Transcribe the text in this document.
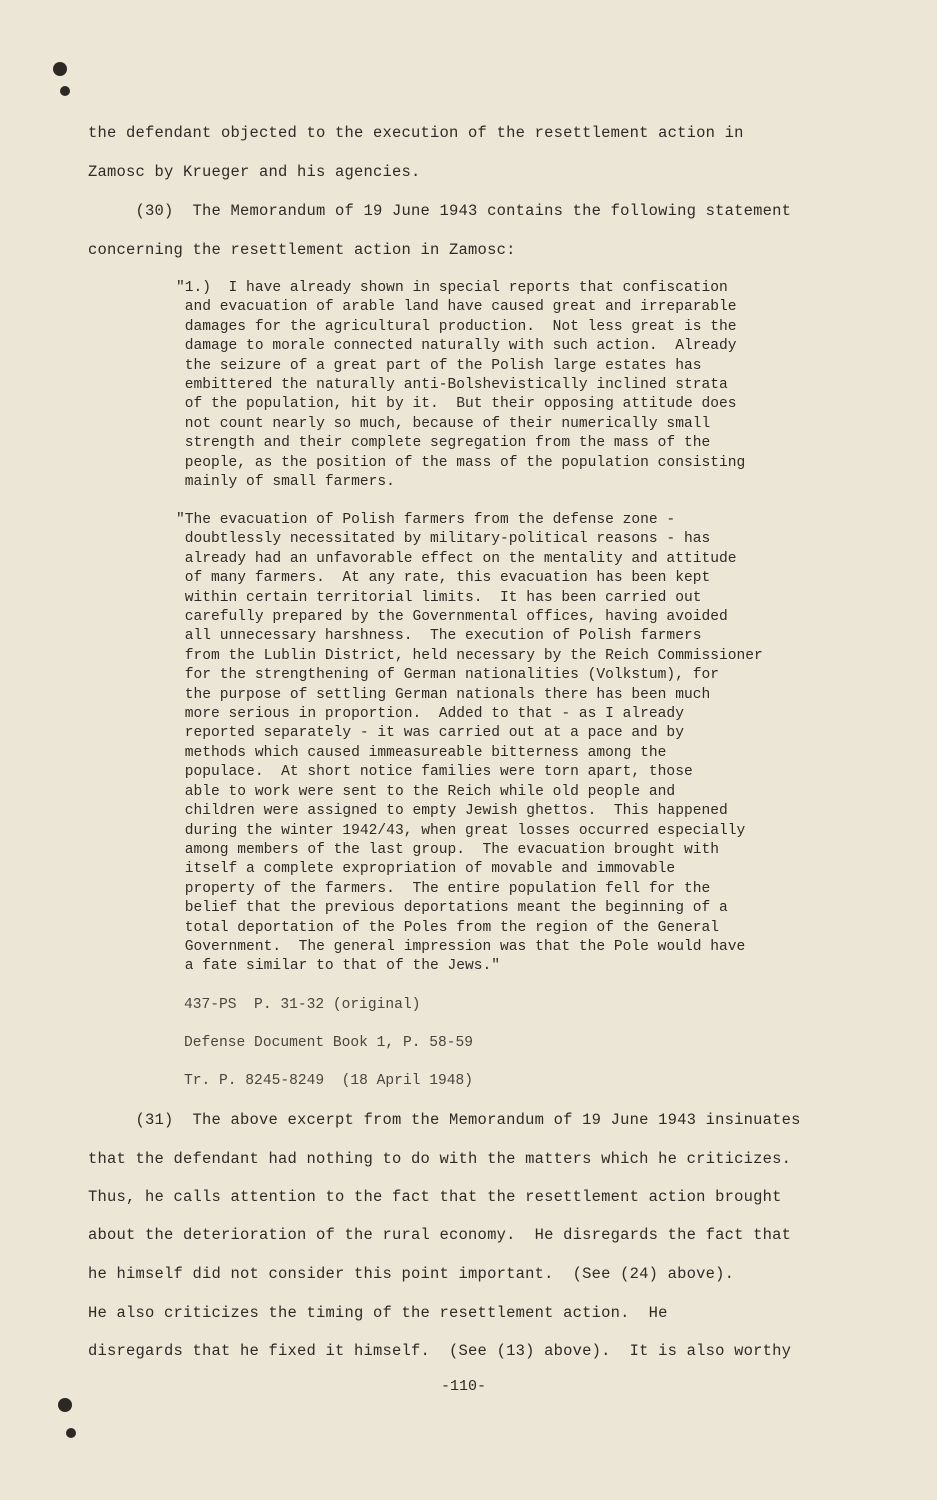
the defendant objected to the execution of the resettlement action in

Zamosc by Krueger and his agencies.

(30)  The Memorandum of 19 June 1943 contains the following statement

concerning the resettlement action in Zamosc:

"1.)  I have already shown in special reports that confiscation

and evacuation of arable land have caused great and irreparable

damages for the agricultural production.  Not less great is the

damage to morale connected naturally with such action.  Already

the seizure of a great part of the Polish large estates has

embittered the naturally anti-Bolshevistically inclined strata

of the population, hit by it.  But their opposing attitude does

not count nearly so much, because of their numerically small

strength and their complete segregation from the mass of the

people, as the position of the mass of the population consisting

mainly of small farmers.

"The evacuation of Polish farmers from the defense zone -

doubtlessly necessitated by military-political reasons - has

already had an unfavorable effect on the mentality and attitude

of many farmers.  At any rate, this evacuation has been kept

within certain territorial limits.  It has been carried out

carefully prepared by the Governmental offices, having avoided

all unnecessary harshness.  The execution of Polish farmers

from the Lublin District, held necessary by the Reich Commissioner

for the strengthening of German nationalities (Volkstum), for

the purpose of settling German nationals there has been much

more serious in proportion.  Added to that - as I already

reported separately - it was carried out at a pace and by

methods which caused immeasureable bitterness among the

populace.  At short notice families were torn apart, those

able to work were sent to the Reich while old people and

children were assigned to empty Jewish ghettos.  This happened

during the winter 1942/43, when great losses occurred especially

among members of the last group.  The evacuation brought with

itself a complete expropriation of movable and immovable

property of the farmers.  The entire population fell for the

belief that the previous deportations meant the beginning of a

total deportation of the Poles from the region of the General

Government.  The general impression was that the Pole would have

a fate similar to that of the Jews."

437-PS  P. 31-32 (original)

Defense Document Book 1, P. 58-59

Tr. P. 8245-8249  (18 April 1948)

(31)  The above excerpt from the Memorandum of 19 June 1943 insinuates

that the defendant had nothing to do with the matters which he criticizes.

Thus, he calls attention to the fact that the resettlement action brought

about the deterioration of the rural economy.  He disregards the fact that

he himself did not consider this point important.  (See (24) above).

He also criticizes the timing of the resettlement action.  He

disregards that he fixed it himself.  (See (13) above).  It is also worthy

-110-
